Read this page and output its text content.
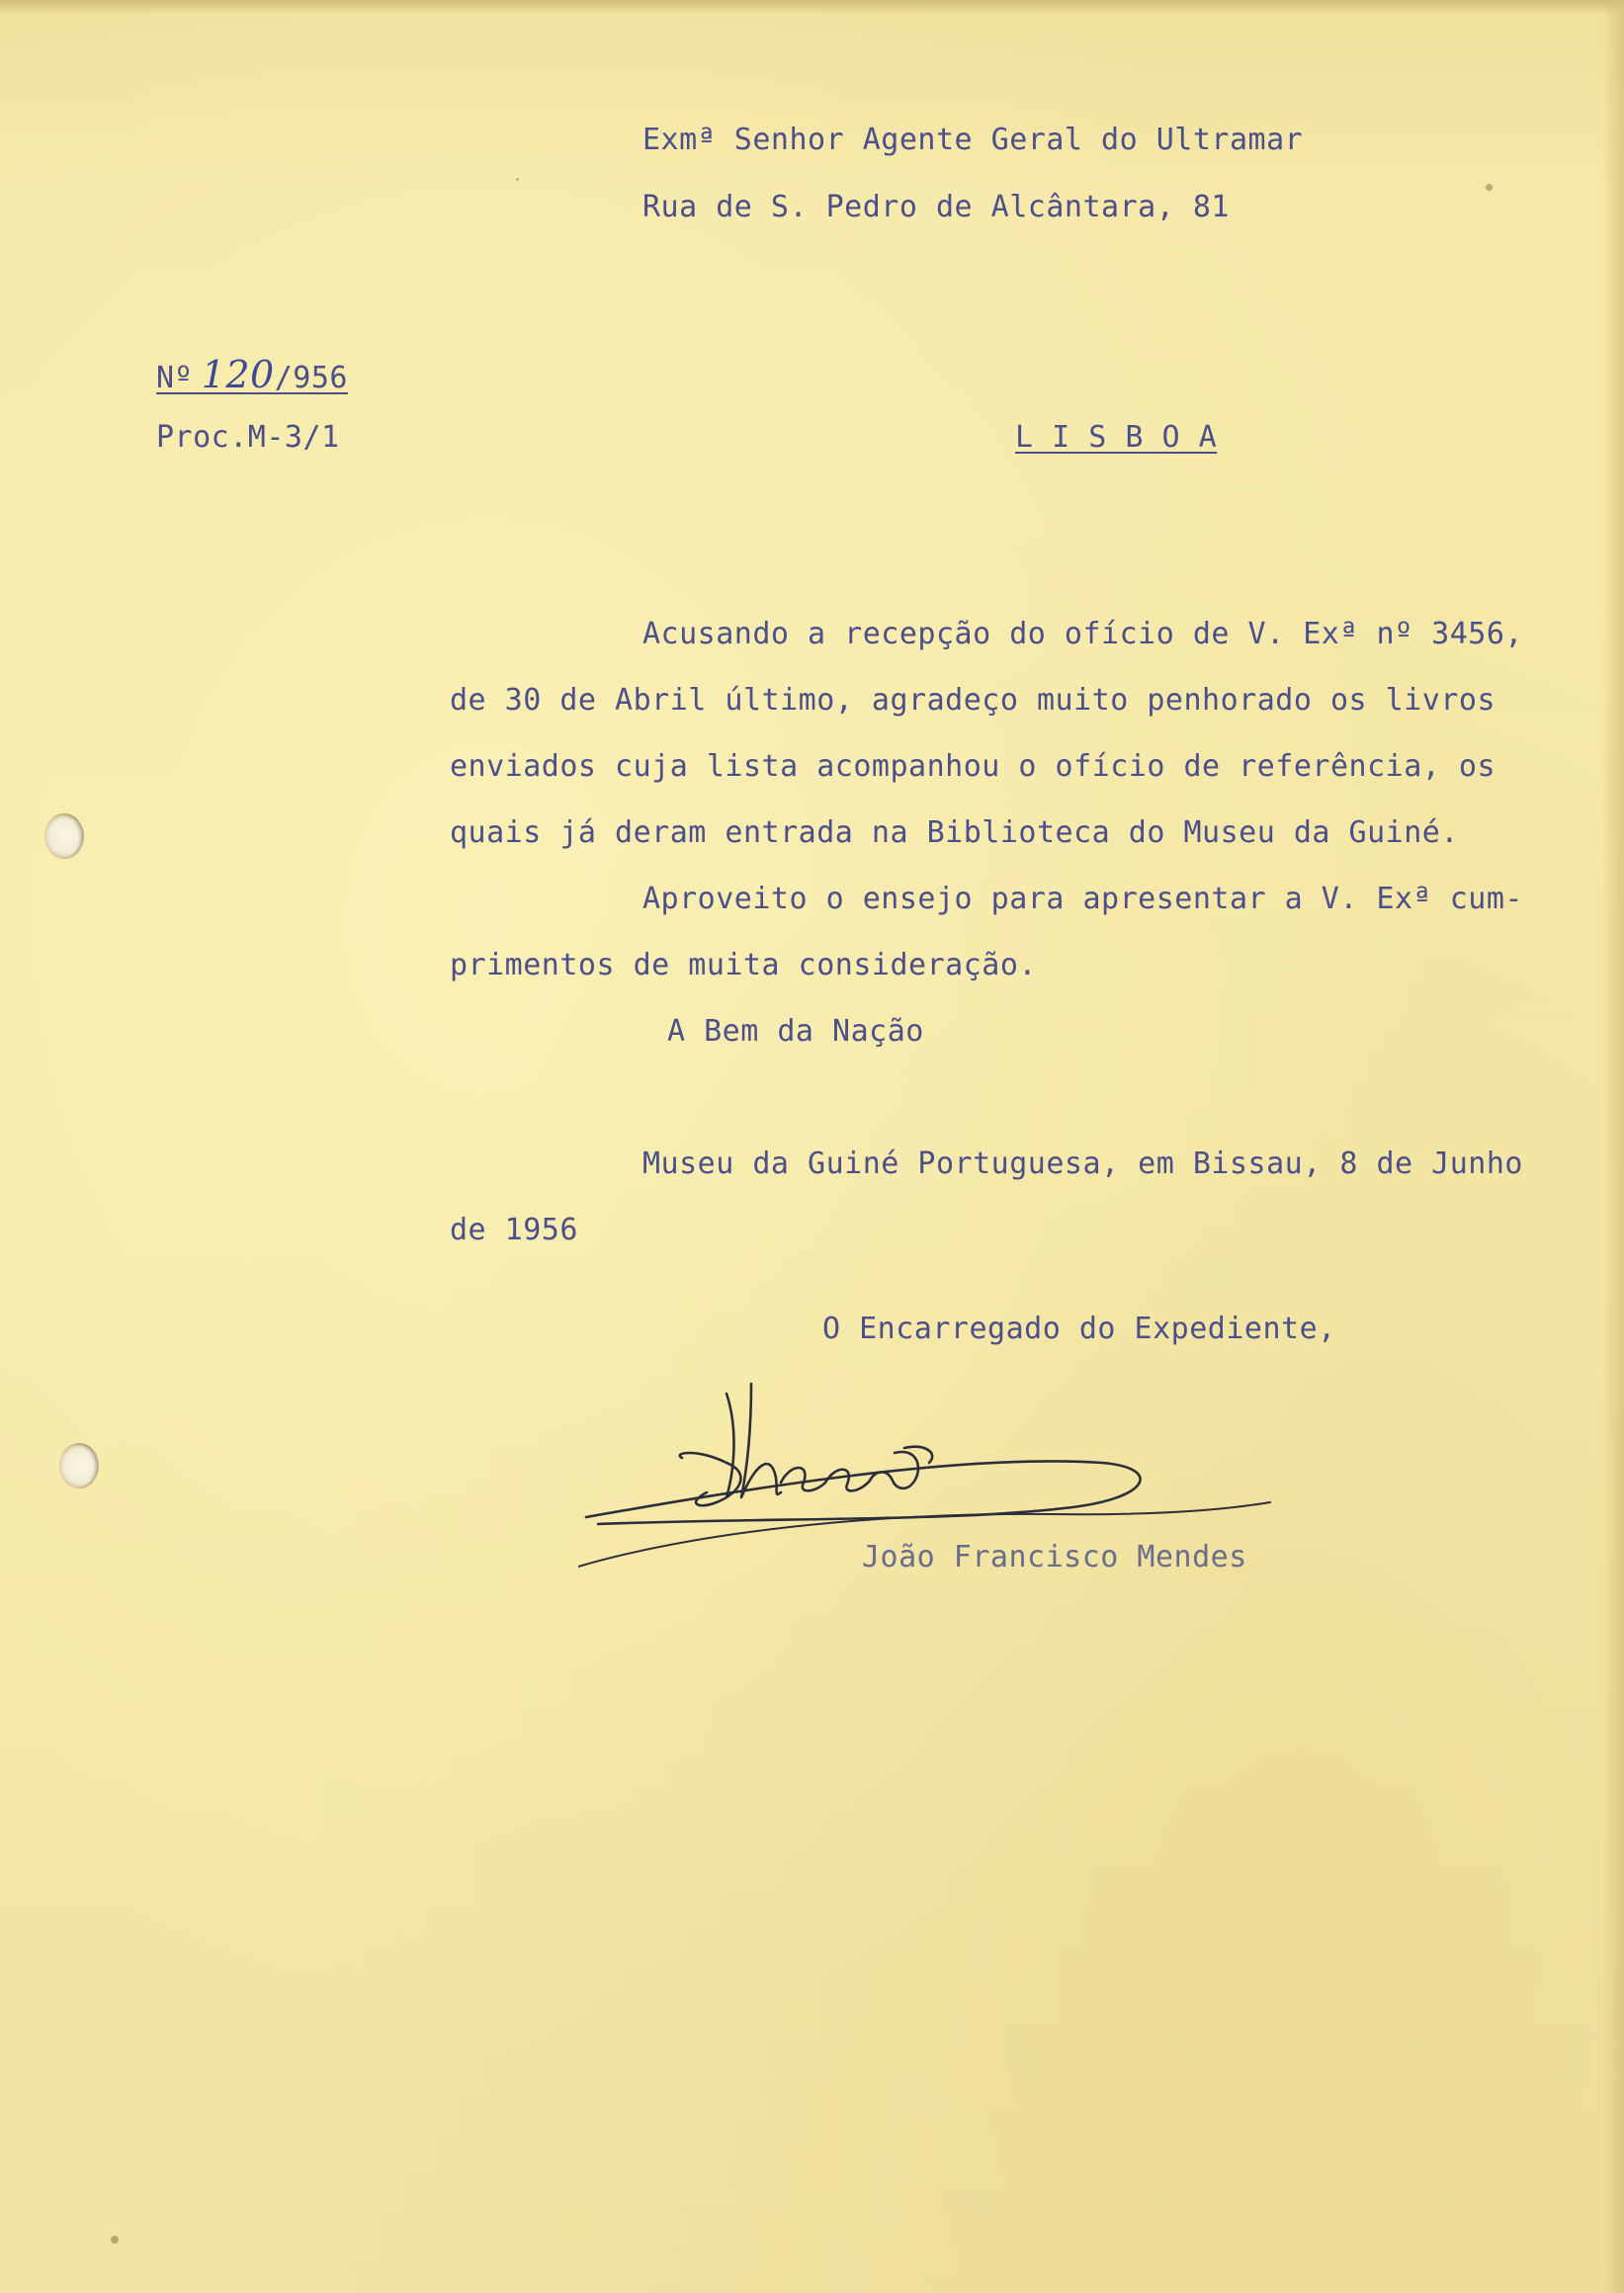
Exmª Senhor Agente Geral do Ultramar
Rua de S. Pedro de Alcântara, 81
Nº 120/956
Proc.M-3/1	L I S B O A
Acusando a recepção do ofício de V. Exª nº 3456,
de 30 de Abril último, agradeço muito penhorado os livros
enviados cuja lista acompanhou o ofício de referência, os
quais já deram entrada na Biblioteca do Museu da Guiné.
Aproveito o ensejo para apresentar a V. Exª cum-
primentos de muita consideração.
A Bem da Nação
Museu da Guiné Portuguesa, em Bissau, 8 de Junho
de 1956
O Encarregado do Expediente,
João Francisco Mendes
